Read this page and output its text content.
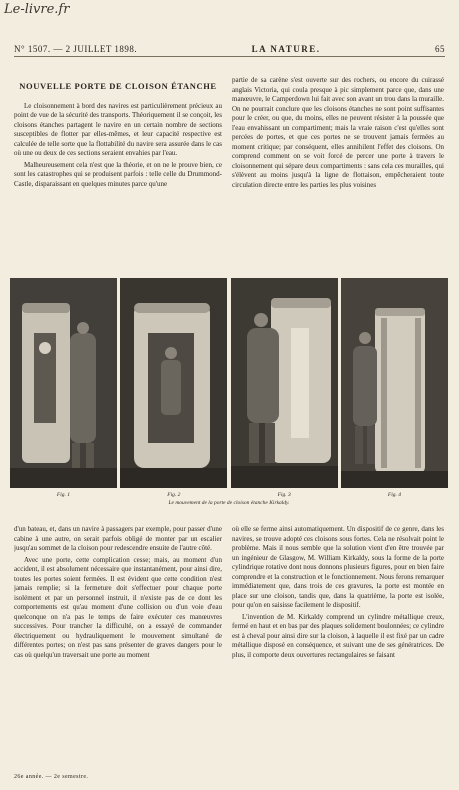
Le-livre.fr
N° 1507. — 2 JUILLET 1898.	LA NATURE.	65
NOUVELLE PORTE DE CLOISON ÉTANCHE

Le cloisonnement à bord des navires est particulièrement précieux au point de vue de la sécurité des transports. Théoriquement il se conçoit, les cloisons étanches partagent le navire en un certain nombre de sections susceptibles de flotter par elles-mêmes, et leur capacité respective est calculée de telle sorte que la flottabilité du navire sera assurée dans le cas où une ou deux de ces sections seraient envahies par l'eau.

Malheureusement cela n'est que la théorie, et on ne le prouve bien, ce sont les catastrophes qui se produisent parfois : telle celle du Drummond-Castle, disparaissant en quelques minutes parce qu'une

partie de sa carène s'est ouverte sur des rochers, ou encore du cuirassé anglais Victoria, qui coula presque à pic simplement parce que, dans une manœuvre, le Camperdown lui fait avec son avant un trou dans la muraille. On ne pourrait conclure que les cloisons étanches ne sont point suffisantes pour le créer, ou que, du moins, elles ne peuvent résister à la poussée que l'eau envahissant un compartiment; mais la vraie raison c'est qu'elles sont percées de portes, et que ces portes ne se trouvent jamais fermées au moment critique; par conséquent, elles annihilent l'effet des cloisons. On comprend comment on se voit forcé de percer une porte à travers le cloisonnement qui sépare deux compartiments : sans cela ces murailles, qui s'élèvent au moins jusqu'à la ligne de flottaison, empêcheraient toute circulation directe entre les parties les plus voisines

Fig. 1	Fig. 2	Fig. 3	Fig. 4
Le mouvement de la porte de cloison étanche Kirkaldy.

d'un bateau, et, dans un navire à passagers par exemple, pour passer d'une cabine à une autre, on serait parfois obligé de monter par un escalier jusqu'au sommet de la cloison pour redescendre ensuite de l'autre côté.

Avec une porte, cette complication cesse; mais, au moment d'un accident, il est absolument nécessaire que instantanément, pour ainsi dire, toutes les portes soient fermées. Il est évident que cette condition n'est jamais remplie; si la fermeture doit s'effectuer pour chaque porte isolément et par un personnel instruit, il n'existe pas de ce dont les comportements est qu'au moment d'une collision ou d'un voie d'eau quelconque on n'a pas le temps de faire exécuter ces manœuvres successives. Pour trancher la difficulté, on a essayé de commander électriquement ou hydrauliquement le mouvement simultané de différentes portes; on n'est pas sans présenter de graves dangers pour le cas où quelqu'un traversait une porte au moment

où elle se ferme ainsi automatiquement. Un dispositif de ce genre, dans les navires, se trouve adopté ces cloisons sous fortes. Cela ne résolvait point le problème. Mais il nous semble que la solution vient d'en être trouvée par un ingénieur de Glasgow, M. William Kirkaldy, sous la forme de la porte cylindrique rotative dont nous donnons plusieurs figures, pour en bien faire comprendre et la construction et le fonctionnement. Nous ferons remarquer immédiatement que, dans trois de ces gravures, la porte est montée en place sur une cloison, tandis que, dans la quatrième, la porte est isolée, pour qu'on en saisisse facilement le dispositif.

L'invention de M. Kirkaldy comprend un cylindre métallique creux, fermé en haut et en bas par des plaques solidement boulonnées; ce cylindre est à cheval pour ainsi dire sur la cloison, à laquelle il est fixé par un cadre métallique disposé en conséquence, et suivant une de ses génératrices. De plus, il comporte deux ouvertures rectangulaires se faisant

26e année. — 2e semestre.
